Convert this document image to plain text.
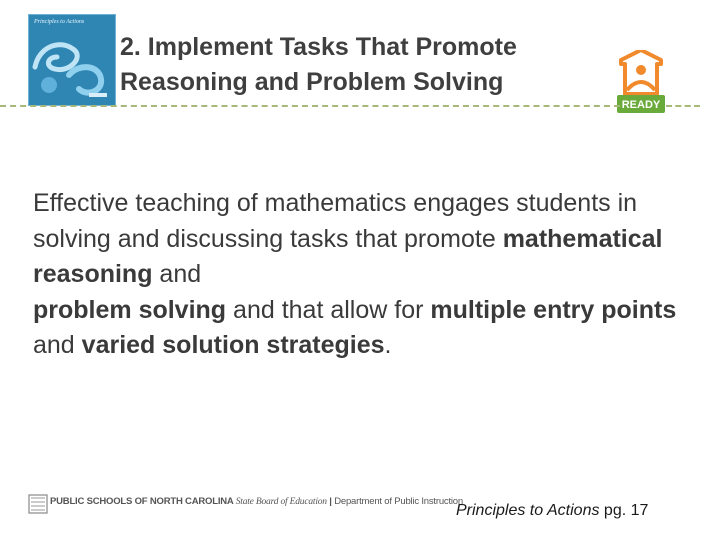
Principles to Actions
2. Implement Tasks That Promote
Reasoning and Problem Solving
READY
Effective teaching of mathematics engages students in solving and discussing tasks that promote mathematical reasoning and
problem solving and that allow for multiple entry points and varied solution strategies.
PUBLIC SCHOOLS OF NORTH CAROLINA State Board of Education | Department of Public Instruction
Principles to Actions pg. 17
